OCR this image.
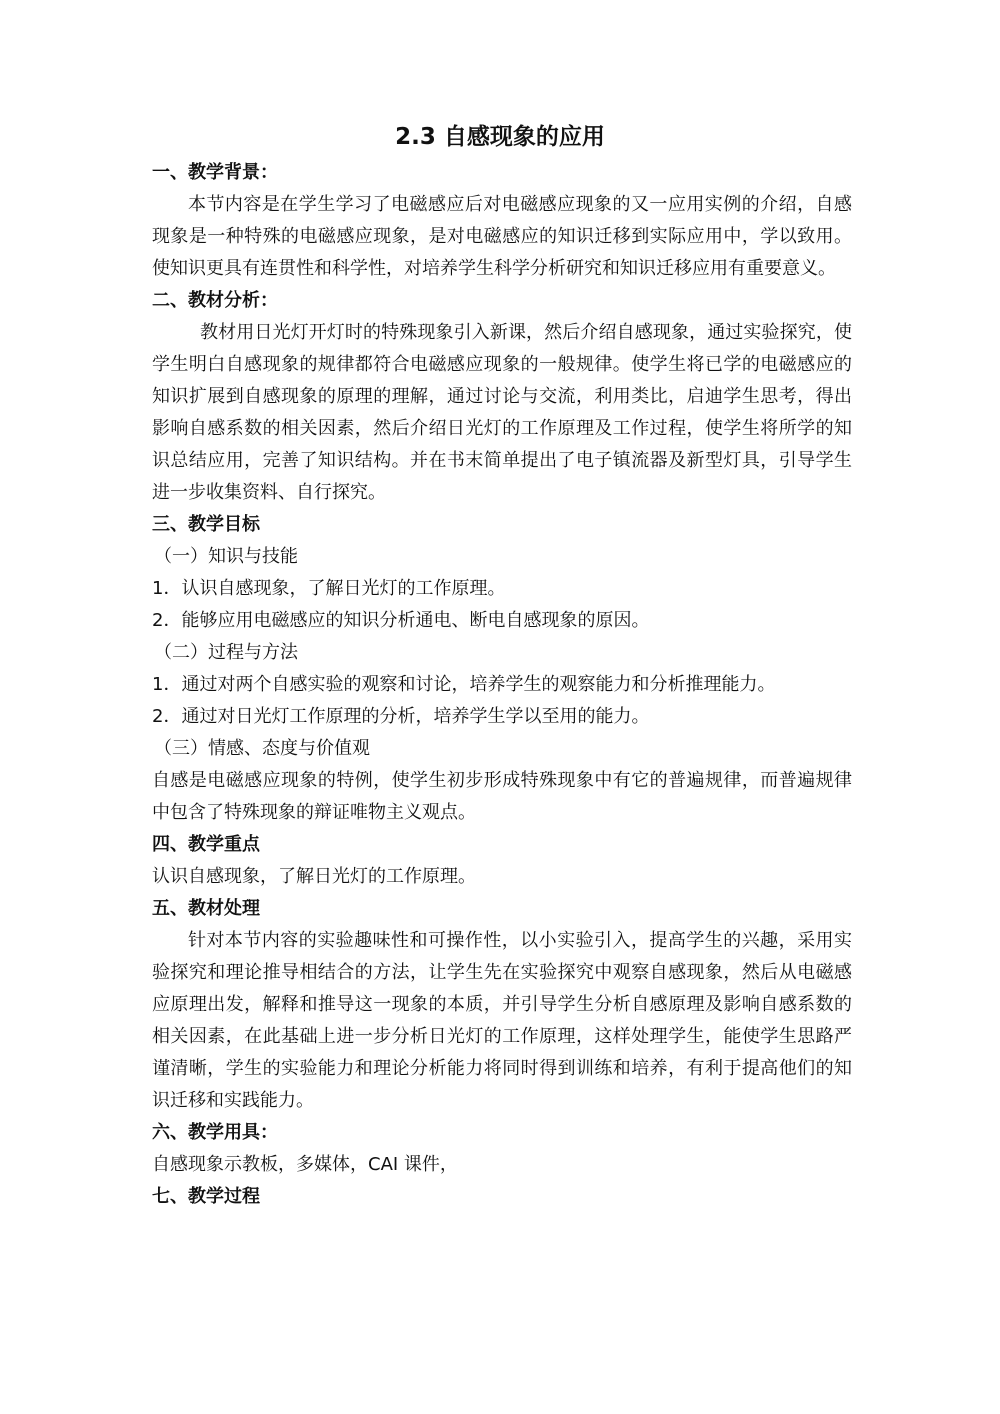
2.3 自感现象的应用

一、教学背景：

本节内容是在学生学习了电磁感应后对电磁感应现象的又一应用实例的介绍，自感现象是一种特殊的电磁感应现象，是对电磁感应的知识迁移到实际应用中，学以致用。使知识更具有连贯性和科学性，对培养学生科学分析研究和知识迁移应用有重要意义。

二、教材分析：

教材用日光灯开灯时的特殊现象引入新课，然后介绍自感现象，通过实验探究，使学生明白自感现象的规律都符合电磁感应现象的一般规律。使学生将已学的电磁感应的知识扩展到自感现象的原理的理解，通过讨论与交流，利用类比，启迪学生思考，得出影响自感系数的相关因素，然后介绍日光灯的工作原理及工作过程，使学生将所学的知识总结应用，完善了知识结构。并在书末简单提出了电子镇流器及新型灯具，引导学生进一步收集资料、自行探究。

三、教学目标

（一）知识与技能

1．认识自感现象，了解日光灯的工作原理。

2．能够应用电磁感应的知识分析通电、断电自感现象的原因。

（二）过程与方法

1．通过对两个自感实验的观察和讨论，培养学生的观察能力和分析推理能力。

2．通过对日光灯工作原理的分析，培养学生学以至用的能力。

（三）情感、态度与价值观

自感是电磁感应现象的特例，使学生初步形成特殊现象中有它的普遍规律，而普遍规律中包含了特殊现象的辩证唯物主义观点。

四、教学重点

认识自感现象，了解日光灯的工作原理。

五、教材处理

针对本节内容的实验趣味性和可操作性，以小实验引入，提高学生的兴趣，采用实验探究和理论推导相结合的方法，让学生先在实验探究中观察自感现象，然后从电磁感应原理出发，解释和推导这一现象的本质，并引导学生分析自感原理及影响自感系数的相关因素，在此基础上进一步分析日光灯的工作原理，这样处理学生，能使学生思路严谨清晰，学生的实验能力和理论分析能力将同时得到训练和培养，有利于提高他们的知识迁移和实践能力。

六、教学用具：

自感现象示教板，多媒体，CAI 课件，

七、教学过程
